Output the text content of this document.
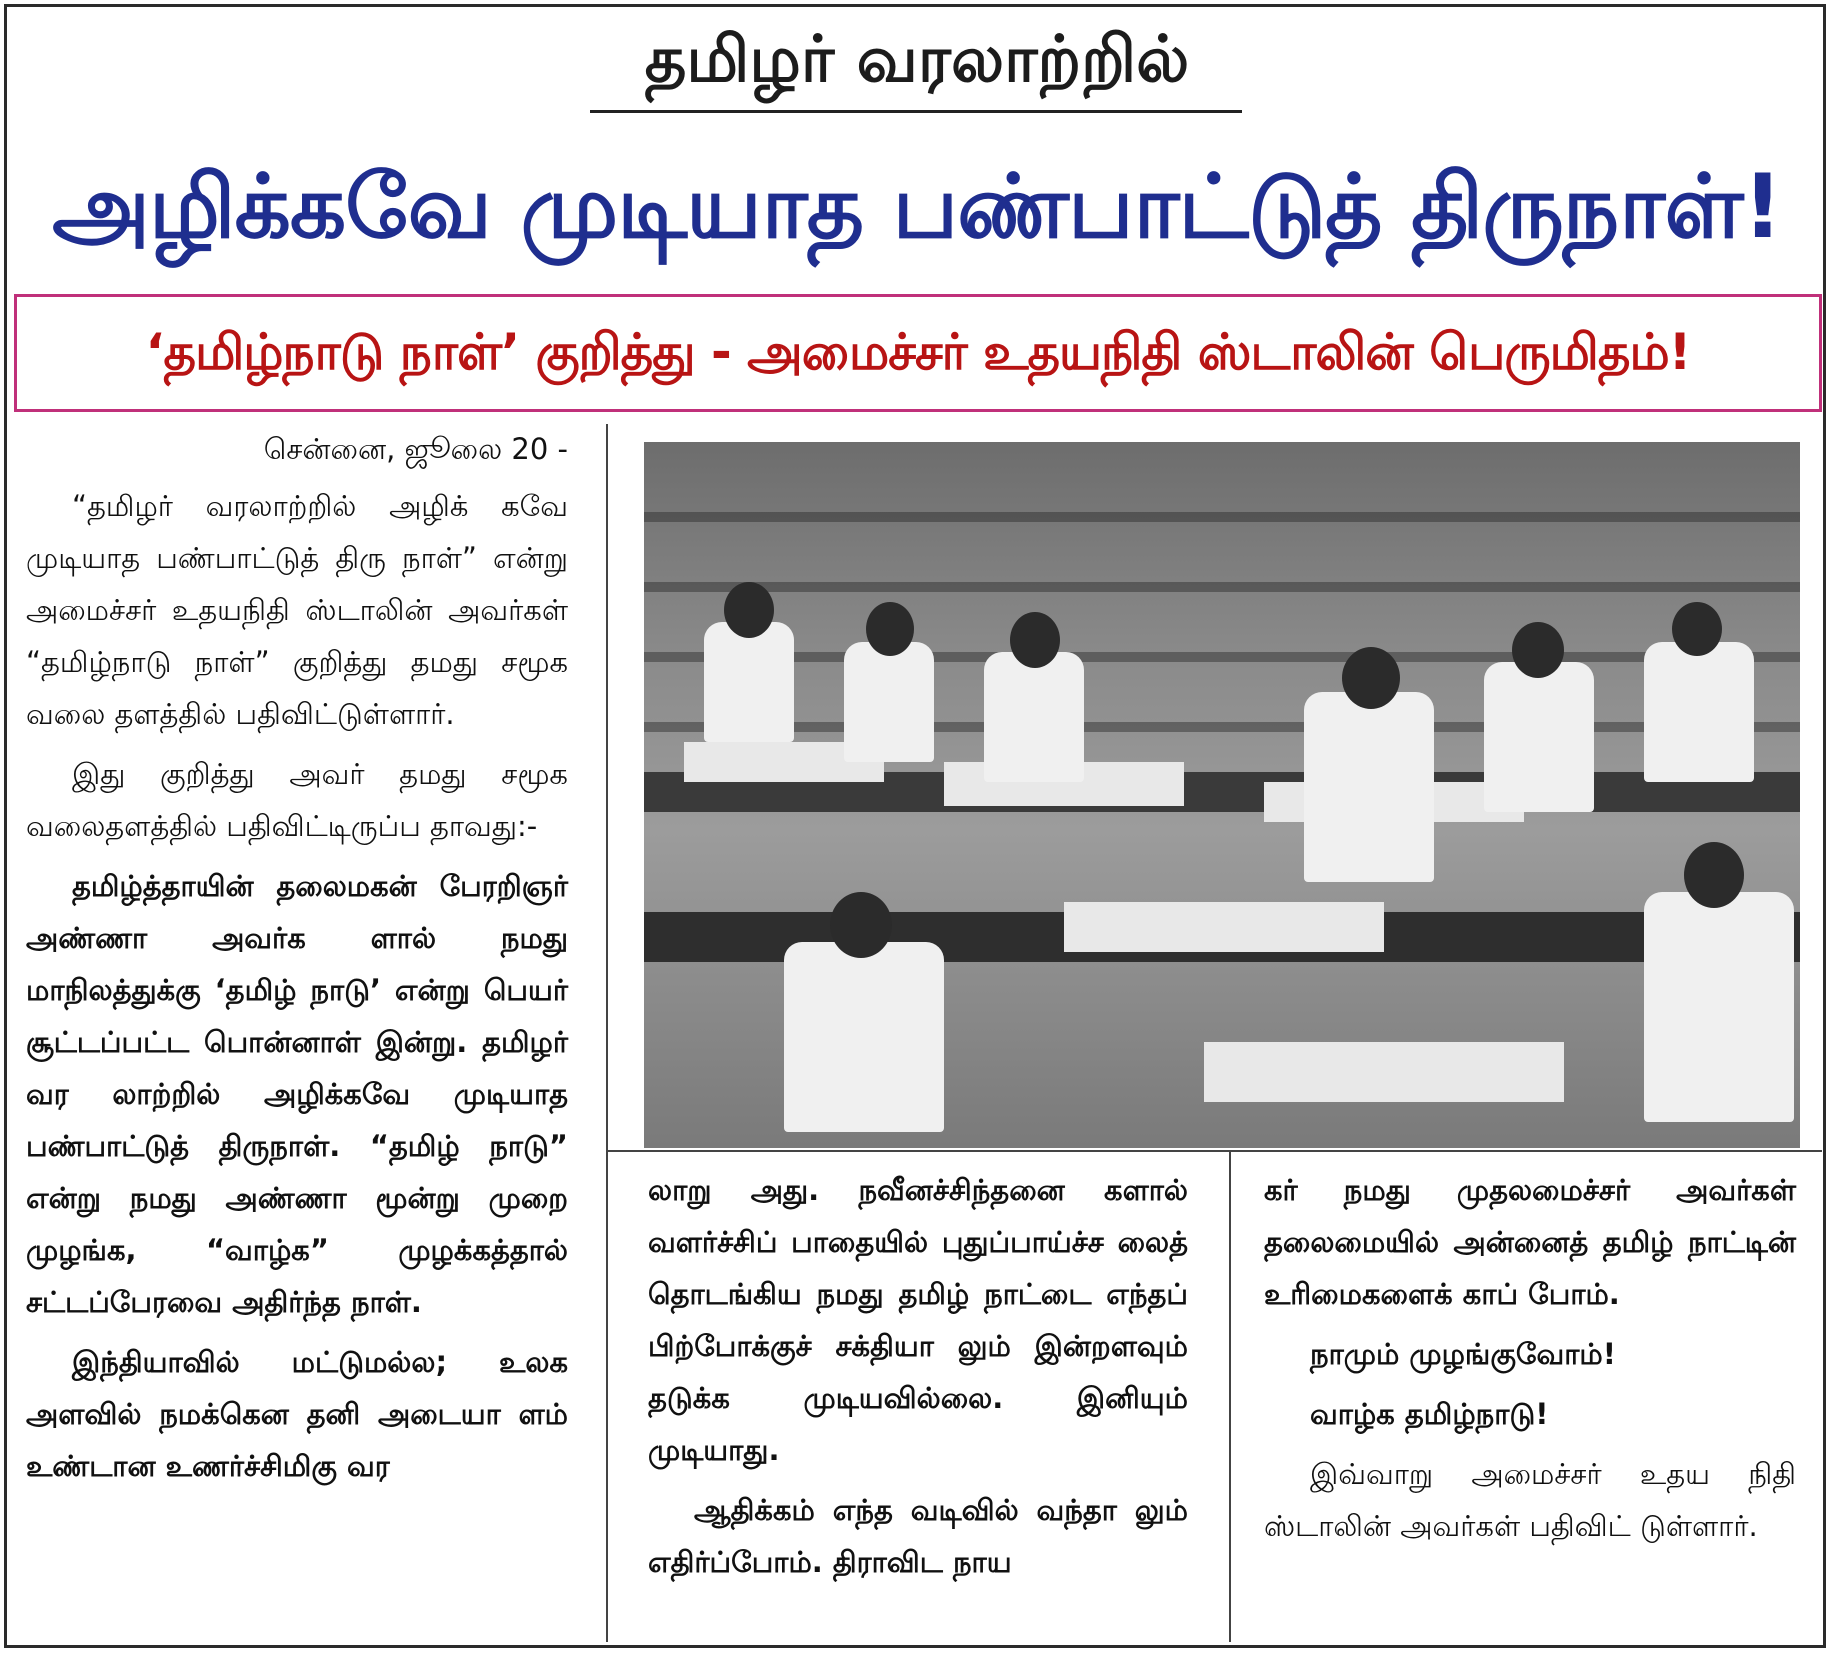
தமிழர் வரலாற்றில்
அழிக்கவே முடியாத பண்பாட்டுத் திருநாள்!
‘தமிழ்நாடு நாள்’ குறித்து - அமைச்சர் உதயநிதி ஸ்டாலின் பெருமிதம்!
சென்னை, ஜூலை 20 -

“தமிழர் வரலாற்றில் அழிக் கவே முடியாத பண்பாட்டுத் திரு நாள்” என்று அமைச்சர் உதயநிதி ஸ்டாலின் அவர்கள் “தமிழ்நாடு நாள்” குறித்து தமது சமூக வலை தளத்தில் பதிவிட்டுள்ளார்.

இது குறித்து அவர் தமது சமூக வலைதளத்தில் பதிவிட்டிருப்ப தாவது:-

தமிழ்த்தாயின் தலைமகன் பேரறிஞர் அண்ணா அவர்க ளால் நமது மாநிலத்துக்கு ‘தமிழ் நாடு’ என்று பெயர் சூட்டப்பட்ட பொன்னாள் இன்று. தமிழர் வர லாற்றில் அழிக்கவே முடியாத பண்பாட்டுத் திருநாள். “தமிழ் நாடு” என்று நமது அண்ணா மூன்று முறை முழங்க, “வாழ்க” முழக்கத்தால் சட்டப்பேரவை அதிர்ந்த நாள்.

இந்தியாவில் மட்டுமல்ல; உலக அளவில் நமக்கென தனி அடையா ளம் உண்டான உணர்ச்சிமிகு வர

லாறு அது. நவீனச்சிந்தனை களால் வளர்ச்சிப் பாதையில் புதுப்பாய்ச்ச லைத் தொடங்கிய நமது தமிழ் நாட்டை எந்தப் பிற்போக்குச் சக்தியா லும் இன்றளவும் தடுக்க முடியவில்லை. இனியும் முடியாது.

ஆதிக்கம் எந்த வடிவில் வந்தா லும் எதிர்ப்போம். திராவிட நாய

கர் நமது முதலமைச்சர் அவர்கள் தலைமையில் அன்னைத் தமிழ் நாட்டின் உரிமைகளைக் காப் போம்.

நாமும் முழங்குவோம்!

வாழ்க தமிழ்நாடு!

இவ்வாறு அமைச்சர் உதய நிதி ஸ்டாலின் அவர்கள் பதிவிட் டுள்ளார்.
